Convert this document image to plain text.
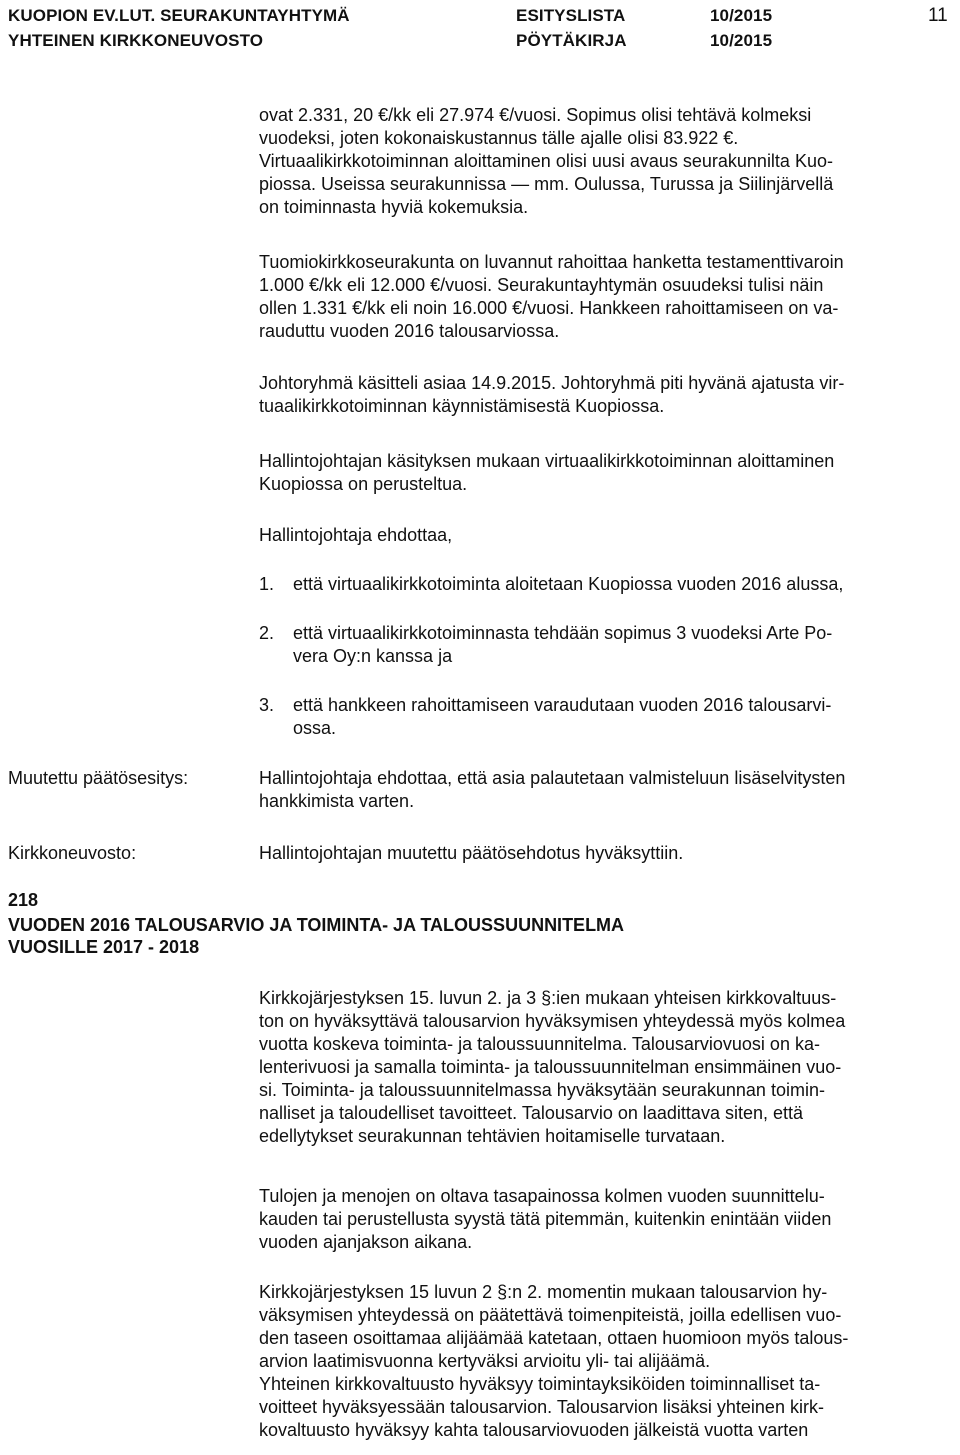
KUOPION EV.LUT. SEURAKUNTAYHTYMÄ
YHTEINEN KIRKKONEUVOSTO
ESITYSLISTA
PÖYTÄKIRJA
10/2015
10/2015
11

ovat 2.331, 20 €/kk eli 27.974 €/vuosi. Sopimus olisi tehtävä kolmeksi
vuodeksi, joten kokonaiskustannus tälle ajalle olisi 83.922 €.
Virtuaalikirkkotoiminnan aloittaminen olisi uusi avaus seurakunnilta Kuo-
piossa. Useissa seurakunnissa — mm. Oulussa, Turussa ja Siilinjärvellä
on toiminnasta hyviä kokemuksia.

Tuomiokirkkoseurakunta on luvannut rahoittaa hanketta testamenttivaroin
1.000 €/kk eli 12.000 €/vuosi. Seurakuntayhtymän osuudeksi tulisi näin
ollen 1.331 €/kk eli noin 16.000 €/vuosi. Hankkeen rahoittamiseen on va-
rauduttu vuoden 2016 talousarviossa.

Johtoryhmä käsitteli asiaa 14.9.2015. Johtoryhmä piti hyvänä ajatusta vir-
tuaalikirkkotoiminnan käynnistämisestä Kuopiossa.

Hallintojohtajan käsityksen mukaan virtuaalikirkkotoiminnan aloittaminen
Kuopiossa on perusteltua.

Hallintojohtaja ehdottaa,

1. että virtuaalikirkkotoiminta aloitetaan Kuopiossa vuoden 2016 alussa,
2. että virtuaalikirkkotoiminnasta tehdään sopimus 3 vuodeksi Arte Po-
vera Oy:n kanssa ja
3. että hankkeen rahoittamiseen varaudutaan vuoden 2016 talousarvi-
ossa.
Muutettu päätösesitys:	Hallintojohtaja ehdottaa, että asia palautetaan valmisteluun lisäselvitysten
hankkimista varten.

Kirkkoneuvosto:	Hallintojohtajan muutettu päätösehdotus hyväksyttiin.

218
VUODEN 2016 TALOUSARVIO JA TOIMINTA- JA TALOUSSUUNNITELMA
VUOSILLE 2017 - 2018

Kirkkojärjestyksen 15. luvun 2. ja 3 §:ien mukaan yhteisen kirkkovaltuus-
ton on hyväksyttävä talousarvion hyväksymisen yhteydessä myös kolmea
vuotta koskeva toiminta- ja taloussuunnitelma. Talousarviovuosi on ka-
lenterivuosi ja samalla toiminta- ja taloussuunnitelman ensimmäinen vuo-
si. Toiminta- ja taloussuunnitelmassa hyväksytään seurakunnan toimin-
nalliset ja taloudelliset tavoitteet. Talousarvio on laadittava siten, että
edellytykset seurakunnan tehtävien hoitamiselle turvataan.

Tulojen ja menojen on oltava tasapainossa kolmen vuoden suunnittelu-
kauden tai perustellusta syystä tätä pitemmän, kuitenkin enintään viiden
vuoden ajanjakson aikana.

Kirkkojärjestyksen 15 luvun 2 §:n 2. momentin mukaan talousarvion hy-
väksymisen yhteydessä on päätettävä toimenpiteistä, joilla edellisen vuo-
den taseen osoittamaa alijäämää katetaan, ottaen huomioon myös talous-
arvion laatimisvuonna kertyväksi arvioitu yli- tai alijäämä.
Yhteinen kirkkovaltuusto hyväksyy toimintayksiköiden toiminnalliset ta-
voitteet hyväksyessään talousarvion. Talousarvion lisäksi yhteinen kirk-
kovaltuusto hyväksyy kahta talousarviovuoden jälkeistä vuotta varten
